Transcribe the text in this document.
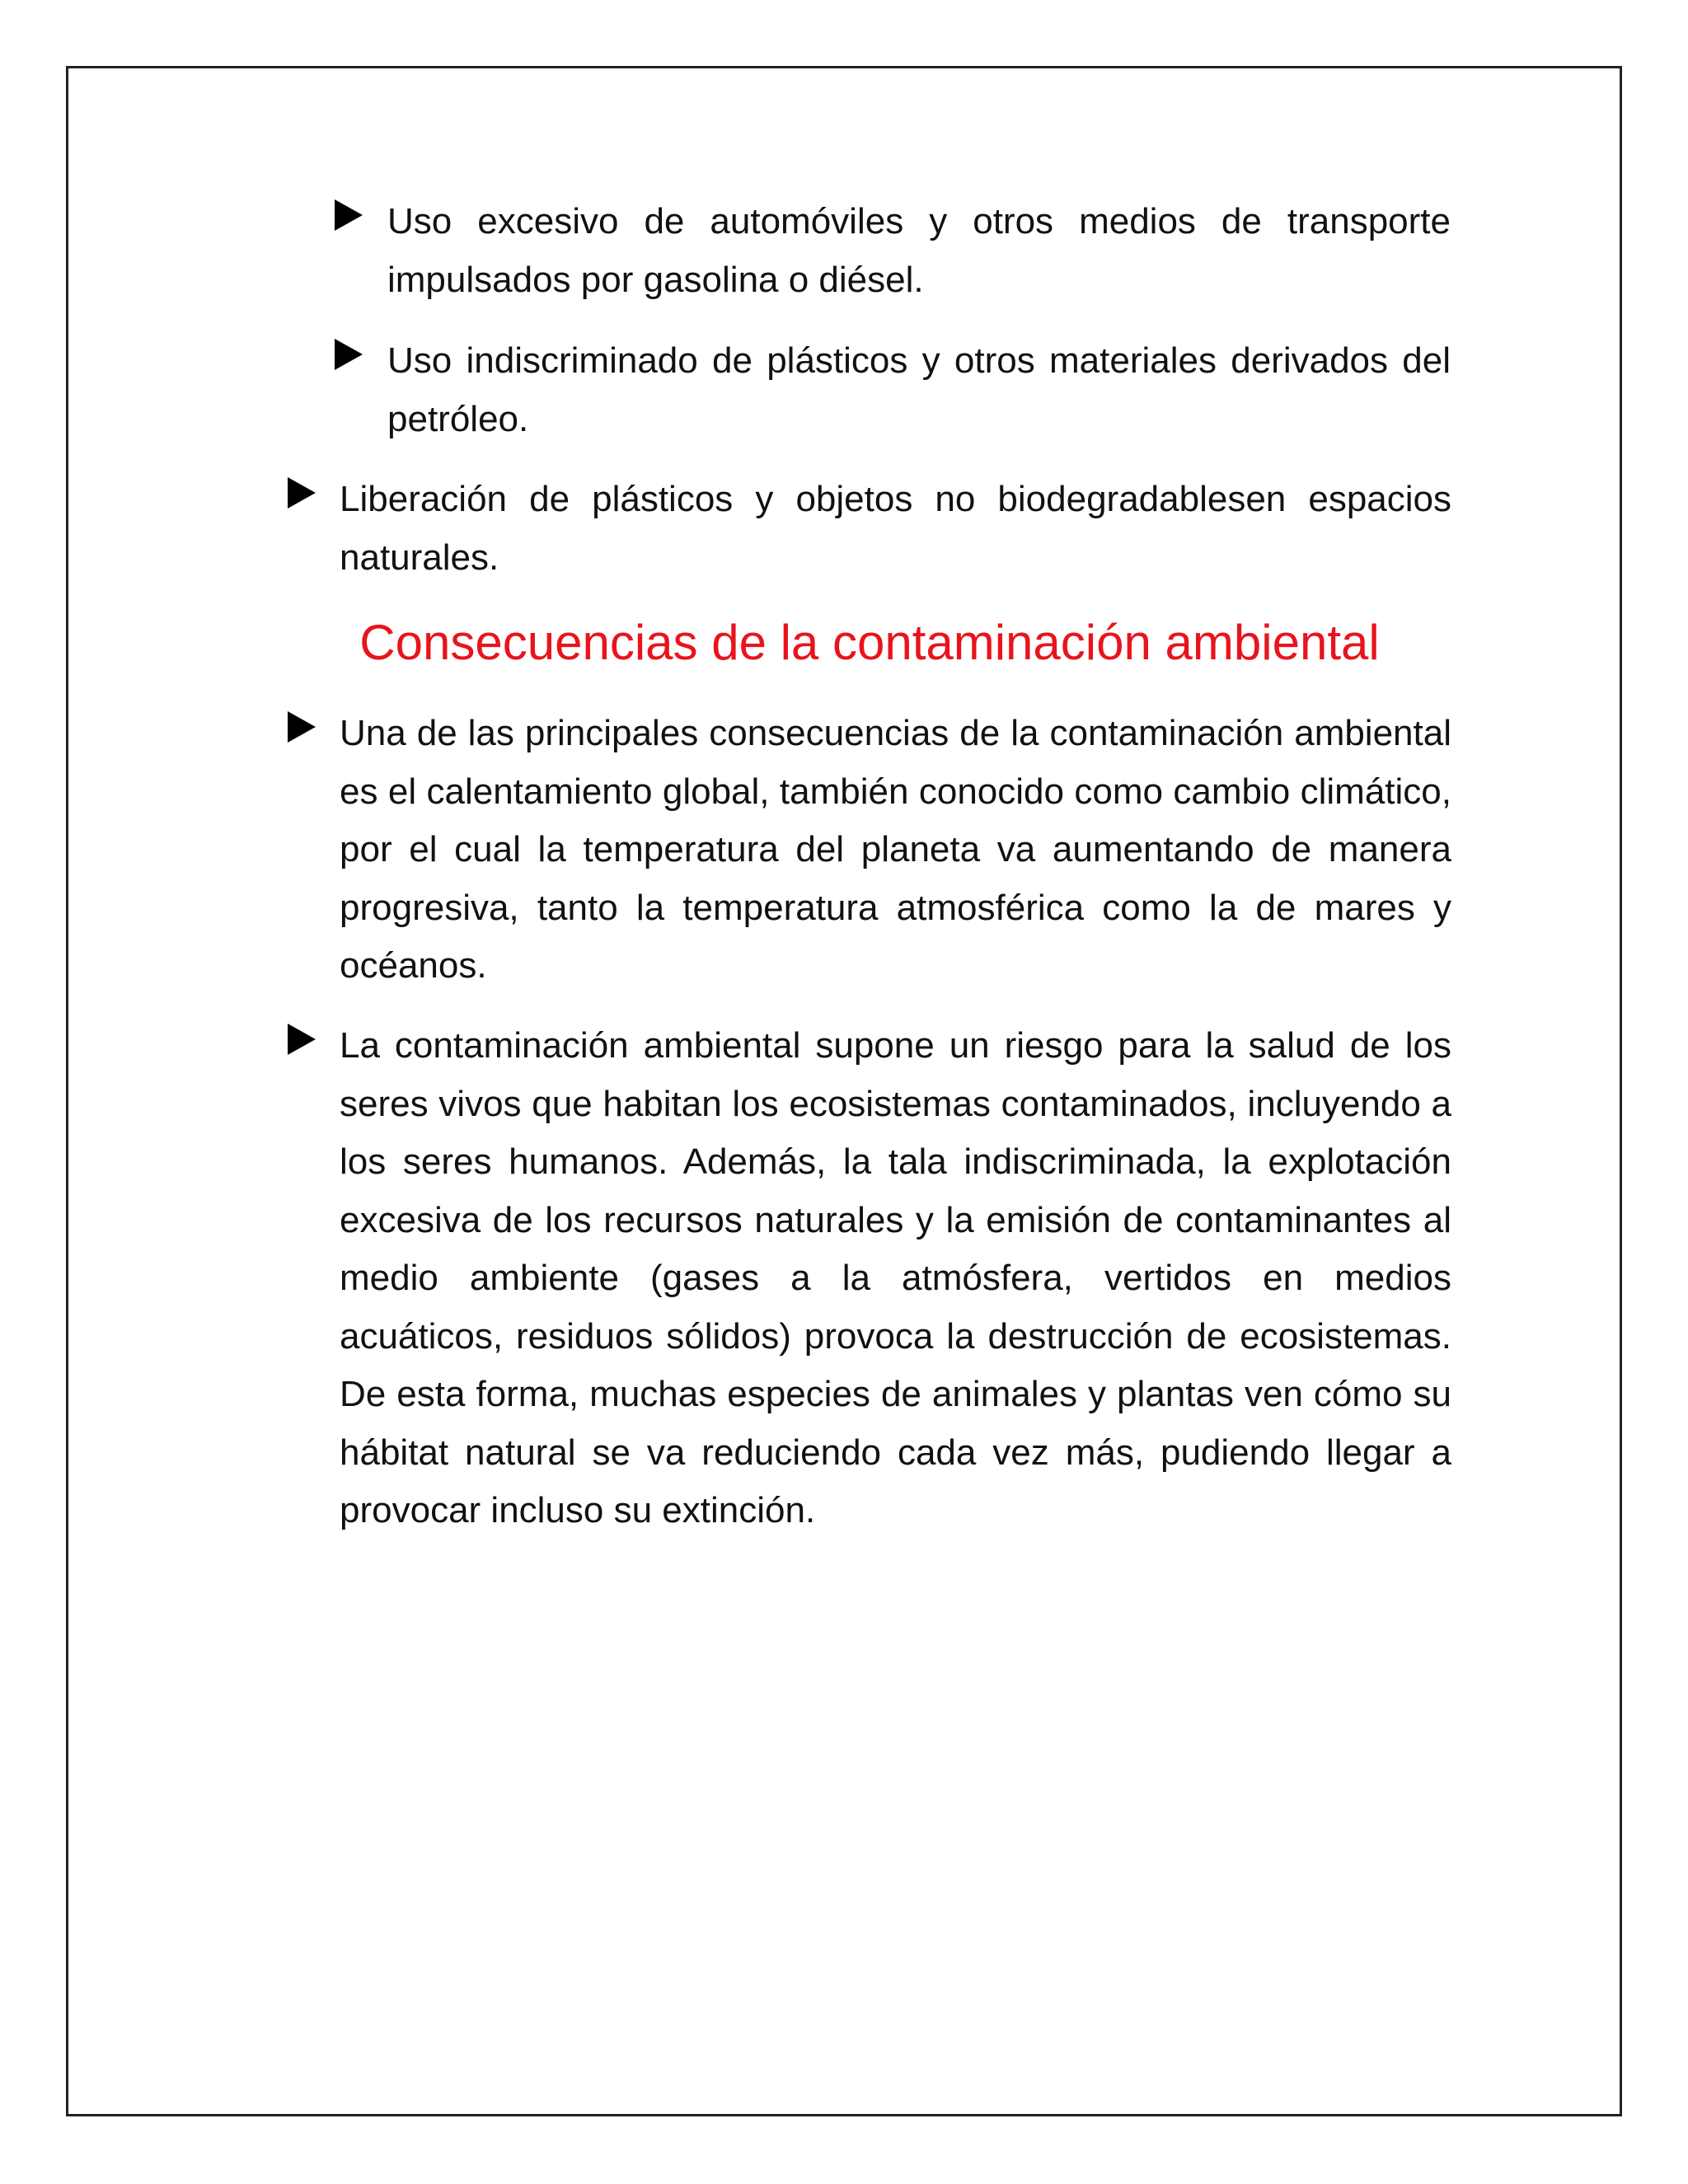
Uso excesivo de automóviles y otros medios de transporte impulsados por gasolina o diésel.

Uso indiscriminado de plásticos y otros materiales derivados del petróleo.

Liberación de plásticos y objetos no biodegradablesen espacios naturales.

Consecuencias de la contaminación ambiental

Una de las principales consecuencias de la contaminación ambiental es el calentamiento global, también conocido como cambio climático, por el cual la temperatura del planeta va aumentando de manera progresiva, tanto la temperatura atmosférica como la de mares y océanos.

La contaminación ambiental supone un riesgo para la salud de los seres vivos que habitan los ecosistemas contaminados, incluyendo a los seres humanos. Además, la tala indiscriminada, la explotación excesiva de los recursos naturales y la emisión de contaminantes al medio ambiente (gases a la atmósfera, vertidos en medios acuáticos, residuos sólidos) provoca la destrucción de ecosistemas. De esta forma, muchas especies de animales y plantas ven cómo su hábitat natural se va reduciendo cada vez más, pudiendo llegar a provocar incluso su extinción.
